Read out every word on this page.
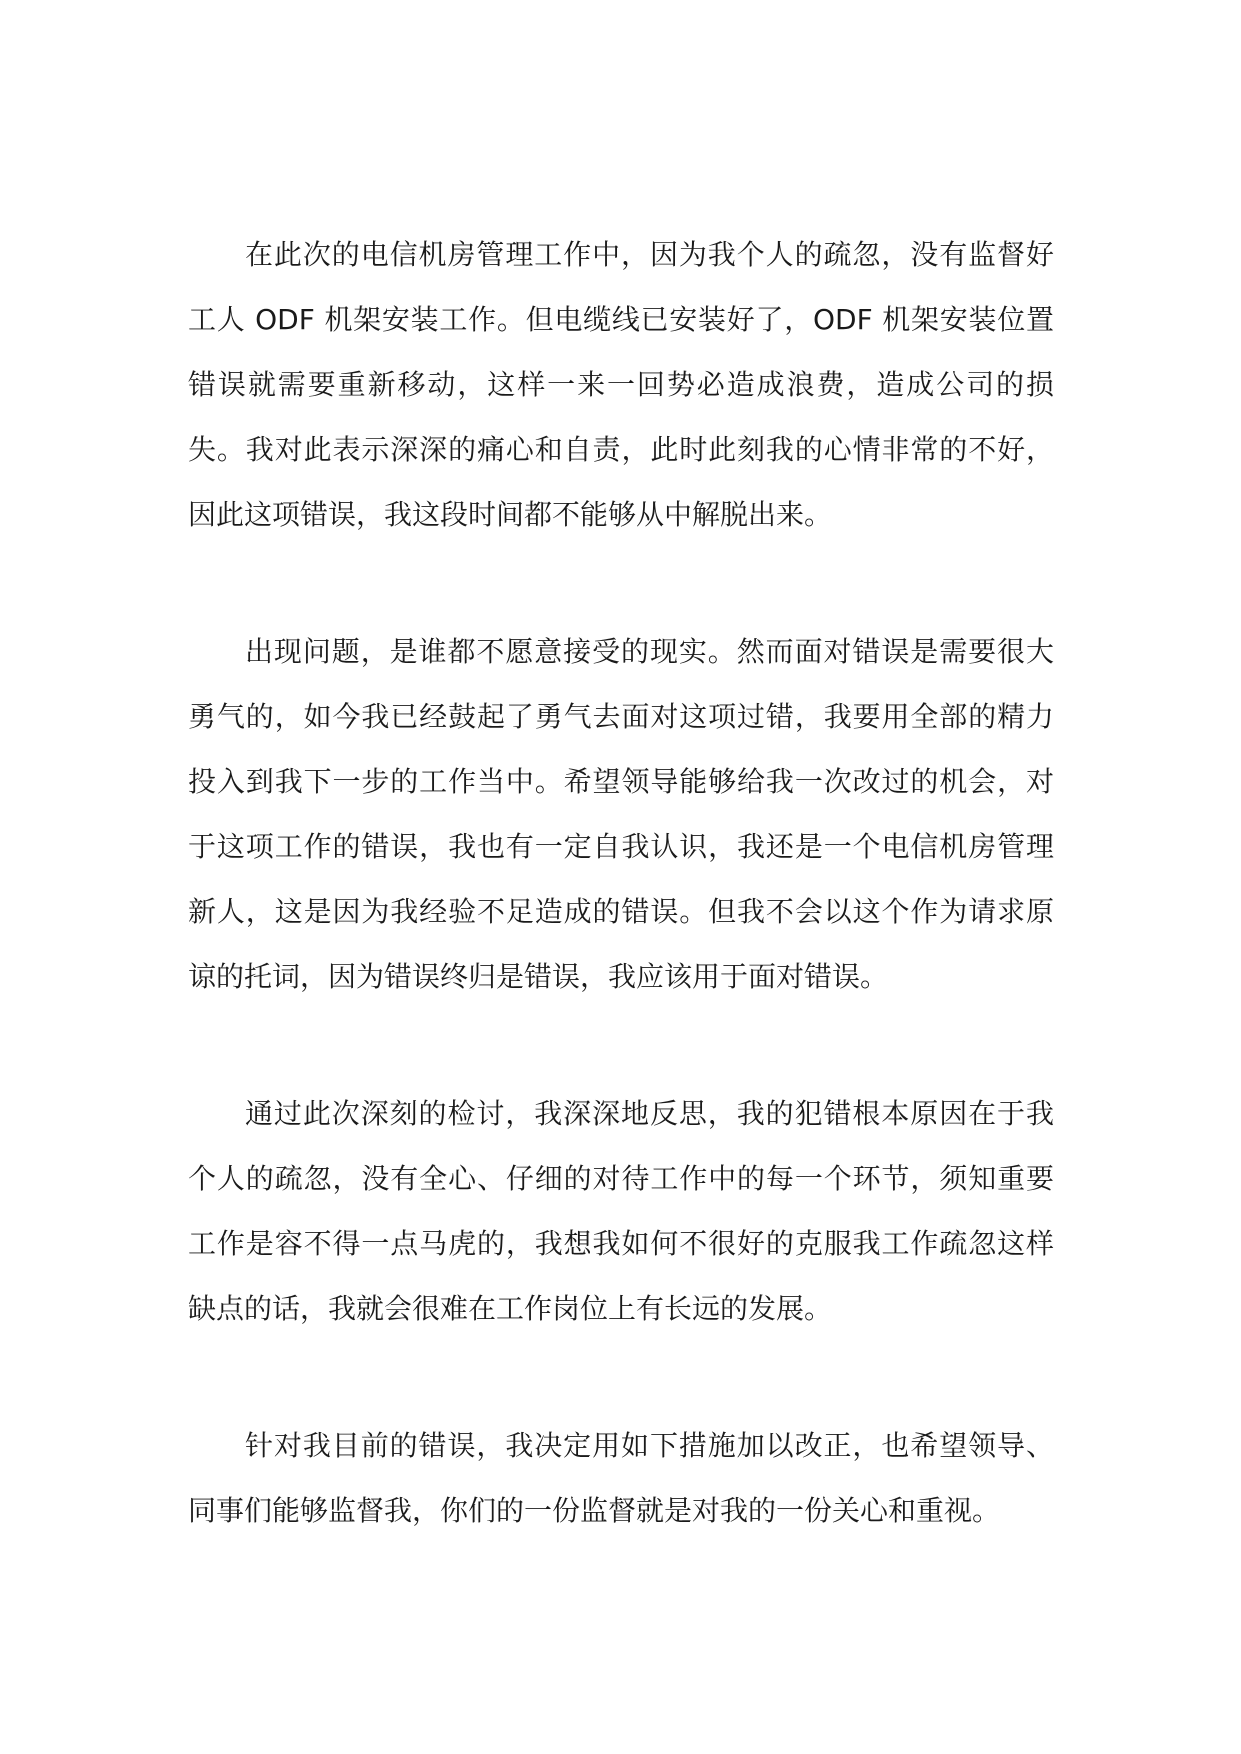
在此次的电信机房管理工作中，因为我个人的疏忽，没有监督好工人 ODF 机架安装工作。但电缆线已安装好了，ODF 机架安装位置错误就需要重新移动，这样一来一回势必造成浪费，造成公司的损失。我对此表示深深的痛心和自责，此时此刻我的心情非常的不好，因此这项错误，我这段时间都不能够从中解脱出来。

出现问题，是谁都不愿意接受的现实。然而面对错误是需要很大勇气的，如今我已经鼓起了勇气去面对这项过错，我要用全部的精力投入到我下一步的工作当中。希望领导能够给我一次改过的机会，对于这项工作的错误，我也有一定自我认识，我还是一个电信机房管理新人，这是因为我经验不足造成的错误。但我不会以这个作为请求原谅的托词，因为错误终归是错误，我应该用于面对错误。

通过此次深刻的检讨，我深深地反思，我的犯错根本原因在于我个人的疏忽，没有全心、仔细的对待工作中的每一个环节，须知重要工作是容不得一点马虎的，我想我如何不很好的克服我工作疏忽这样缺点的话，我就会很难在工作岗位上有长远的发展。

针对我目前的错误，我决定用如下措施加以改正，也希望领导、同事们能够监督我，你们的一份监督就是对我的一份关心和重视。
